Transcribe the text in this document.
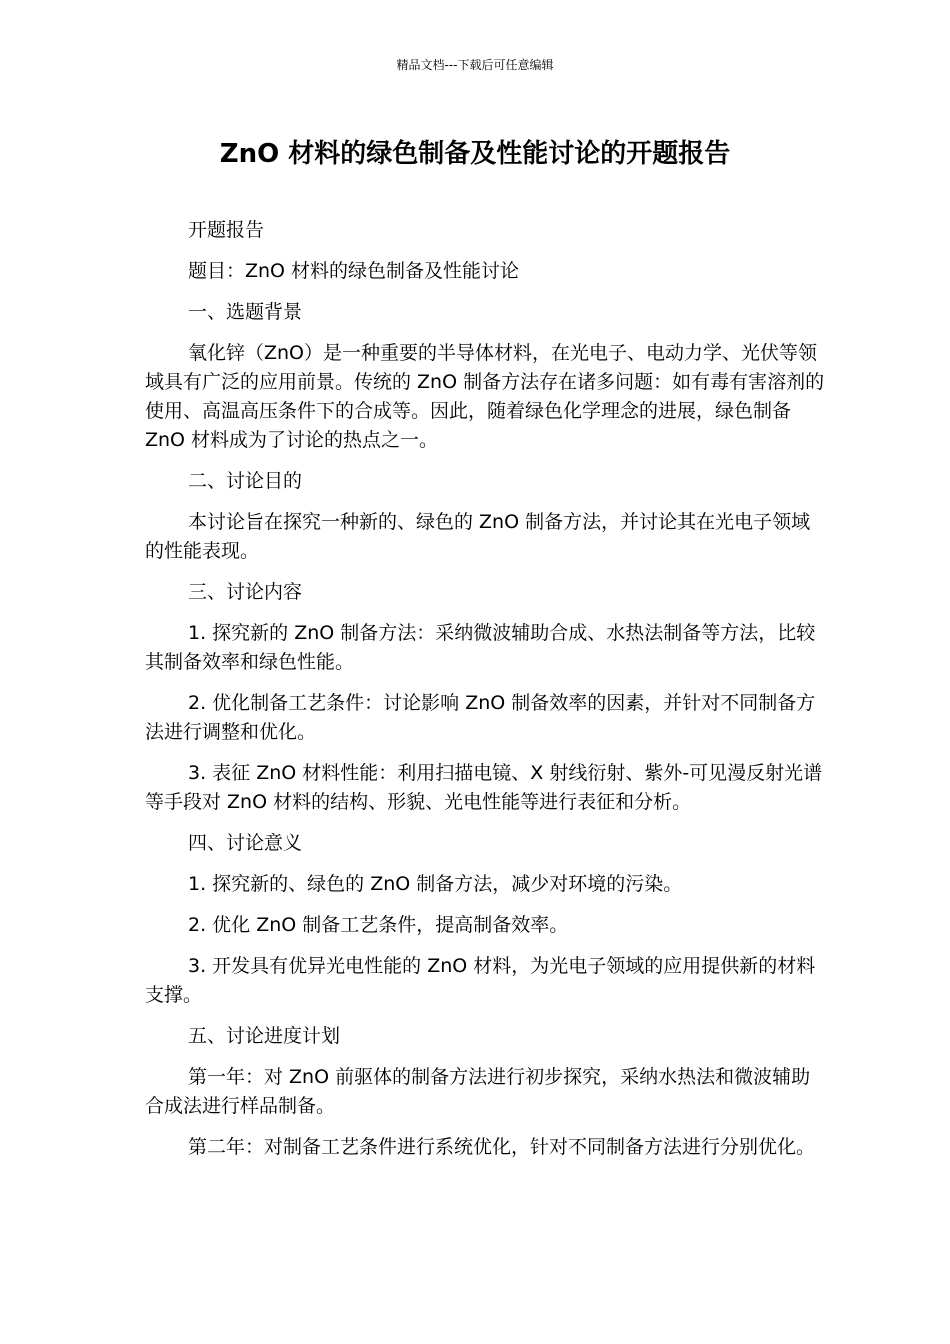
精品文档---下载后可任意编辑
ZnO 材料的绿色制备及性能讨论的开题报告

开题报告

题目：ZnO 材料的绿色制备及性能讨论

一、选题背景

氧化锌（ZnO）是一种重要的半导体材料，在光电子、电动力学、光伏等领域具有广泛的应用前景。传统的 ZnO 制备方法存在诸多问题：如有毒有害溶剂的使用、高温高压条件下的合成等。因此，随着绿色化学理念的进展，绿色制备 ZnO 材料成为了讨论的热点之一。

二、讨论目的

本讨论旨在探究一种新的、绿色的 ZnO 制备方法，并讨论其在光电子领域的性能表现。

三、讨论内容

1. 探究新的 ZnO 制备方法：采纳微波辅助合成、水热法制备等方法，比较其制备效率和绿色性能。

2. 优化制备工艺条件：讨论影响 ZnO 制备效率的因素，并针对不同制备方法进行调整和优化。

3. 表征 ZnO 材料性能：利用扫描电镜、X 射线衍射、紫外-可见漫反射光谱等手段对 ZnO 材料的结构、形貌、光电性能等进行表征和分析。

四、讨论意义

1. 探究新的、绿色的 ZnO 制备方法，减少对环境的污染。

2. 优化 ZnO 制备工艺条件，提高制备效率。

3. 开发具有优异光电性能的 ZnO 材料，为光电子领域的应用提供新的材料支撑。

五、讨论进度计划

第一年：对 ZnO 前驱体的制备方法进行初步探究，采纳水热法和微波辅助合成法进行样品制备。

第二年：对制备工艺条件进行系统优化，针对不同制备方法进行分别优化。
